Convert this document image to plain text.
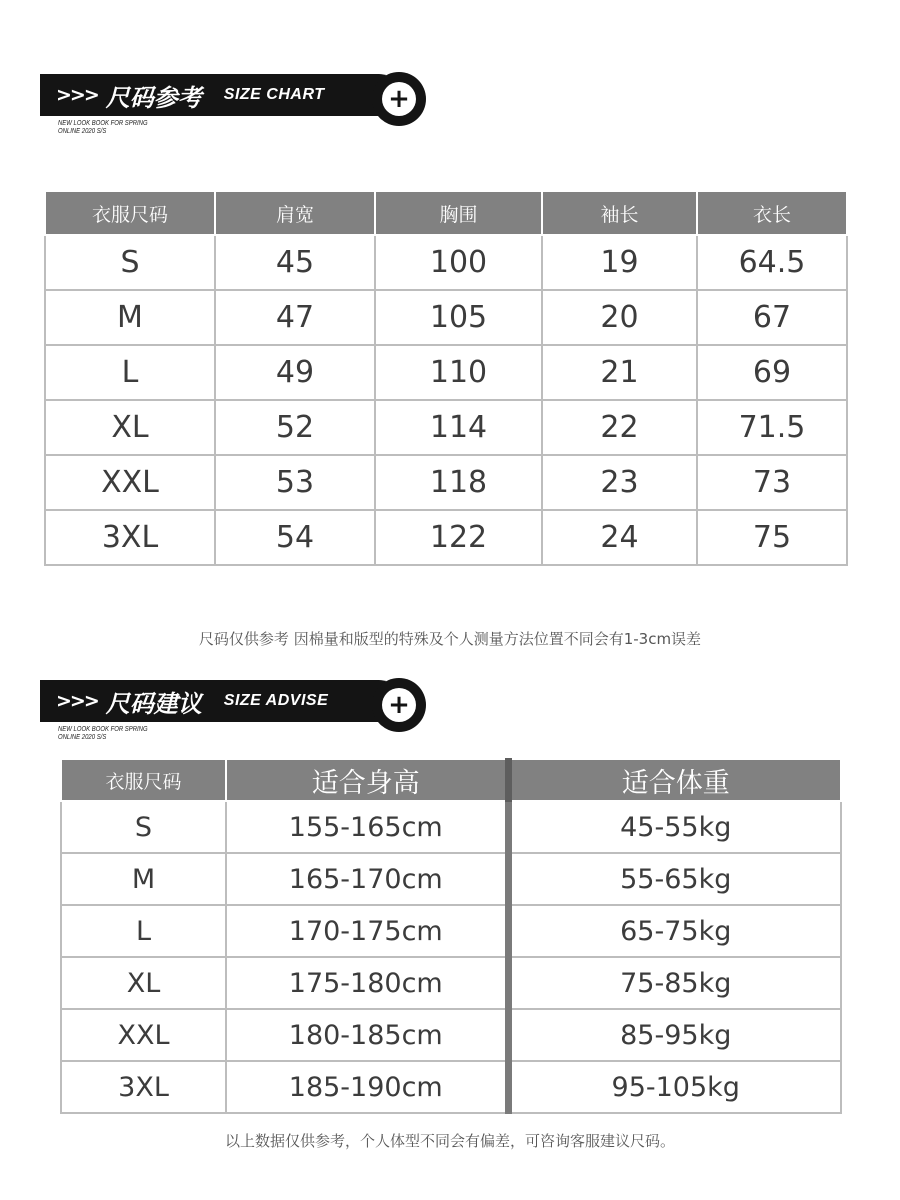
>>> 尺码参考 SIZE CHART +
NEW LOOK BOOK FOR SPRING
ONLINE 2020 S/S
衣服尺码	肩宽	胸围	袖长	衣长
S	45	100	19	64.5
M	47	105	20	67
L	49	110	21	69
XL	52	114	22	71.5
XXL	53	118	23	73
3XL	54	122	24	75
尺码仅供参考 因棉量和版型的特殊及个人测量方法位置不同会有1-3cm误差
>>> 尺码建议 SIZE ADVISE +
NEW LOOK BOOK FOR SPRING
ONLINE 2020 S/S
衣服尺码	适合身高	适合体重
S	155-165cm	45-55kg
M	165-170cm	55-65kg
L	170-175cm	65-75kg
XL	175-180cm	75-85kg
XXL	180-185cm	85-95kg
3XL	185-190cm	95-105kg
以上数据仅供参考，个人体型不同会有偏差，可咨询客服建议尺码。
